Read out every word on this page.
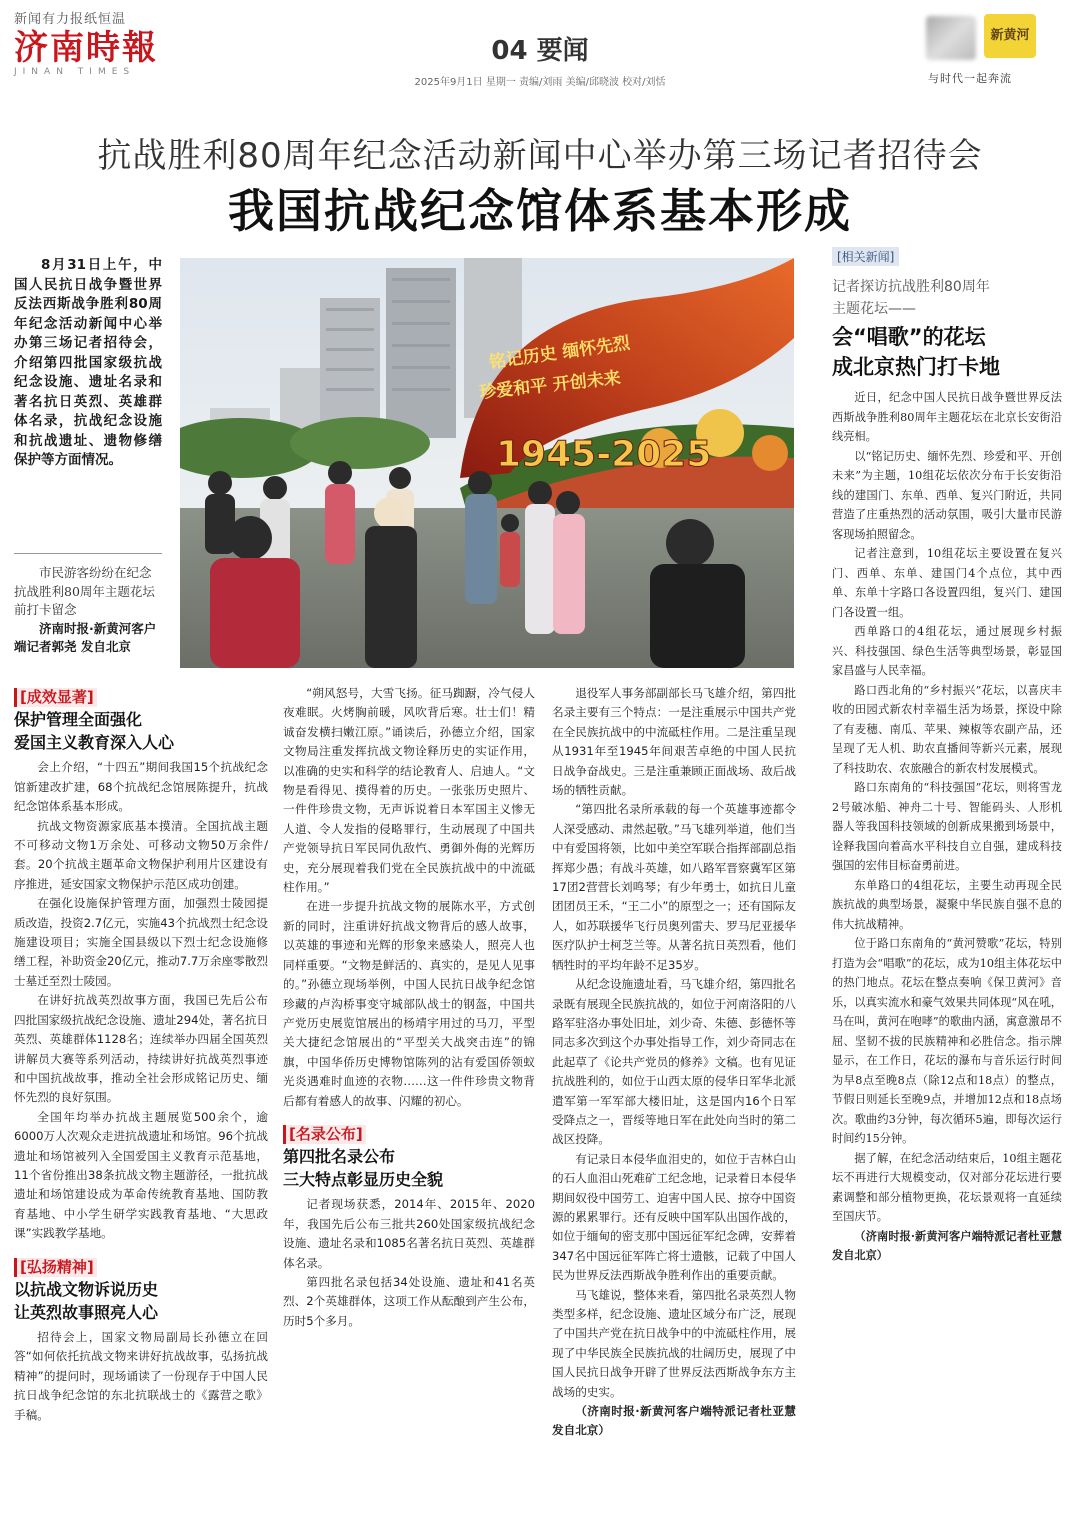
新闻有力报纸恒温
济南時報
JINAN TIMES
04 要闻
2025年9月1日 星期一 责编/刘雨 美编/邱晓波 校对/刘恬
新黄河
与时代一起奔流
抗战胜利80周年纪念活动新闻中心举办第三场记者招待会
我国抗战纪念馆体系基本形成
8月31日上午，中国人民抗日战争暨世界反法西斯战争胜利80周年纪念活动新闻中心举办第三场记者招待会，介绍第四批国家级抗战纪念设施、遗址名录和著名抗日英烈、英雄群体名录，抗战纪念设施和抗战遗址、遗物修缮保护等方面情况。
市民游客纷纷在纪念抗战胜利80周年主题花坛前打卡留念
济南时报·新黄河客户端记者郭尧 发自北京
铭记历史 缅怀先烈
珍爱和平 开创未来
1945-2025
[相关新闻]
记者探访抗战胜利80周年
主题花坛——
会“唱歌”的花坛
成北京热门打卡地

近日，纪念中国人民抗日战争暨世界反法西斯战争胜利80周年主题花坛在北京长安街沿线亮相。

以“铭记历史、缅怀先烈、珍爱和平、开创未来”为主题，10组花坛依次分布于长安街沿线的建国门、东单、西单、复兴门附近，共同营造了庄重热烈的活动氛围，吸引大量市民游客现场拍照留念。

记者注意到，10组花坛主要设置在复兴门、西单、东单、建国门4个点位，其中西单、东单十字路口各设置四组，复兴门、建国门各设置一组。

西单路口的4组花坛，通过展现乡村振兴、科技强国、绿色生活等典型场景，彰显国家昌盛与人民幸福。

路口西北角的“乡村振兴”花坛，以喜庆丰收的田园式新农村幸福生活为场景，探设中除了有麦穗、南瓜、苹果、辣椒等农副产品，还呈现了无人机、助农直播间等新兴元素，展现了科技助农、农旅融合的新农村发展模式。

路口东南角的“科技强国”花坛，则将雪龙2号破冰船、神舟二十号、智能码头、人形机器人等我国科技领域的创新成果搬到场景中，诠释我国向着高水平科技自立自强，建成科技强国的宏伟目标奋勇前进。

东单路口的4组花坛，主要生动再现全民族抗战的典型场景，凝聚中华民族自强不息的伟大抗战精神。

位于路口东南角的“黄河赞歌”花坛，特别打造为会“唱歌”的花坛，成为10组主体花坛中的热门地点。花坛在整点奏响《保卫黄河》音乐，以真实流水和豪气效果共同体现“风在吼，马在叫，黄河在咆哮”的歌曲内涵，寓意激昂不屈、坚韧不拔的民族精神和必胜信念。指示牌显示，在工作日，花坛的瀑布与音乐运行时间为早8点至晚8点（除12点和18点）的整点，节假日则延长至晚9点，并增加12点和18点场次。歌曲约3分钟，每次循环5遍，即每次运行时间约15分钟。

据了解，在纪念活动结束后，10组主题花坛不再进行大规模变动，仅对部分花坛进行要素调整和部分植物更换，花坛景观将一直延续至国庆节。

（济南时报·新黄河客户端特派记者杜亚慧 发自北京）

[成效显著]
保护管理全面强化
爱国主义教育深入人心

会上介绍，“十四五”期间我国15个抗战纪念馆新建改扩建，68个抗战纪念馆展陈提升，抗战纪念馆体系基本形成。

抗战文物资源家底基本摸清。全国抗战主题不可移动文物1万余处、可移动文物50万余件/套。20个抗战主题革命文物保护利用片区建设有序推进，延安国家文物保护示范区成功创建。

在强化设施保护管理方面，加强烈士陵园提质改造，投资2.7亿元，实施43个抗战烈士纪念设施建设项目；实施全国县级以下烈士纪念设施修缮工程，补助资金20亿元，推动7.7万余座零散烈士墓迁至烈士陵园。

在讲好抗战英烈故事方面，我国已先后公布四批国家级抗战纪念设施、遗址294处，著名抗日英烈、英雄群体1128名；连续举办四届全国英烈讲解员大赛等系列活动，持续讲好抗战英烈事迹和中国抗战故事，推动全社会形成铭记历史、缅怀先烈的良好氛围。

全国年均举办抗战主题展览500余个，逾6000万人次观众走进抗战遗址和场馆。96个抗战遗址和场馆被列入全国爱国主义教育示范基地，11个省份推出38条抗战文物主题游径，一批抗战遗址和场馆建设成为革命传统教育基地、国防教育基地、中小学生研学实践教育基地、“大思政课”实践教学基地。

[弘扬精神]
以抗战文物诉说历史
让英烈故事照亮人心

招待会上，国家文物局副局长孙德立在回答“如何依托抗战文物来讲好抗战故事，弘扬抗战精神”的提问时，现场诵读了一份现存于中国人民抗日战争纪念馆的东北抗联战士的《露营之歌》手稿。

“朔风怒号，大雪飞扬。征马踟蹰，冷气侵人夜难眠。火烤胸前暖，风吹背后寒。壮士们！精诚奋发横扫嫩江原。”诵读后，孙德立介绍，国家文物局注重发挥抗战文物诠释历史的实证作用，以准确的史实和科学的结论教育人、启迪人。“文物是看得见、摸得着的历史。一张张历史照片、一件件珍贵文物，无声诉说着日本军国主义惨无人道、令人发指的侵略罪行，生动展现了中国共产党领导抗日军民同仇敌忾、勇御外侮的光辉历史，充分展现着我们党在全民族抗战中的中流砥柱作用。”

在进一步提升抗战文物的展陈水平，方式创新的同时，注重讲好抗战文物背后的感人故事，以英雄的事迹和光辉的形象来感染人，照亮人也同样重要。“文物是鲜活的、真实的，是见人见事的。”孙德立现场举例，中国人民抗日战争纪念馆珍藏的卢沟桥事变守城部队战士的钢盔，中国共产党历史展览馆展出的杨靖宇用过的马刀，平型关大捷纪念馆展出的“平型关大战突击连”的锦旗，中国华侨历史博物馆陈列的沾有爱国侨领蚁光炎遇难时血迹的衣物……这一件件珍贵文物背后都有着感人的故事、闪耀的初心。

[名录公布]
第四批名录公布
三大特点彰显历史全貌

记者现场获悉，2014年、2015年、2020年，我国先后公布三批共260处国家级抗战纪念设施、遗址名录和1085名著名抗日英烈、英雄群体名录。

第四批名录包括34处设施、遗址和41名英烈、2个英雄群体，这项工作从酝酿到产生公布，历时5个多月。

退役军人事务部副部长马飞雄介绍，第四批名录主要有三个特点：一是注重展示中国共产党在全民族抗战中的中流砥柱作用。二是注重呈现从1931年至1945年间艰苦卓绝的中国人民抗日战争奋战史。三是注重兼顾正面战场、敌后战场的牺牲贡献。

“第四批名录所承载的每一个英雄事迹都令人深受感动、肃然起敬。”马飞雄列举道，他们当中有爱国将领，比如中美空军联合指挥部副总指挥郑少愚；有战斗英雄，如八路军晋察冀军区第17团2营营长刘鸣琴；有少年勇士，如抗日儿童团团员王禾，“王二小”的原型之一；还有国际友人，如苏联援华飞行员奥列雷夫、罗马尼亚援华医疗队护士柯芝兰等。从著名抗日英烈看，他们牺牲时的平均年龄不足35岁。

从纪念设施遗址看，马飞雄介绍，第四批名录既有展现全民族抗战的，如位于河南洛阳的八路军驻洛办事处旧址，刘少奇、朱德、彭德怀等同志多次到这个办事处指导工作，刘少奇同志在此起草了《论共产党员的修养》文稿。也有见证抗战胜利的，如位于山西太原的侵华日军华北派遣军第一军军部大楼旧址，这是国内16个日军受降点之一，晋绥等地日军在此处向当时的第二战区投降。

有记录日本侵华血泪史的，如位于吉林白山的石人血泪山死难矿工纪念地，记录着日本侵华期间奴役中国劳工、迫害中国人民、掠夺中国资源的累累罪行。还有反映中国军队出国作战的，如位于缅甸的密支那中国远征军纪念碑，安葬着347名中国远征军阵亡将士遗骸，记载了中国人民为世界反法西斯战争胜利作出的重要贡献。

马飞雄说，整体来看，第四批名录英烈人物类型多样，纪念设施、遗址区域分布广泛，展现了中国共产党在抗日战争中的中流砥柱作用，展现了中华民族全民族抗战的壮阔历史，展现了中国人民抗日战争开辟了世界反法西斯战争东方主战场的史实。

（济南时报·新黄河客户端特派记者杜亚慧 发自北京）
